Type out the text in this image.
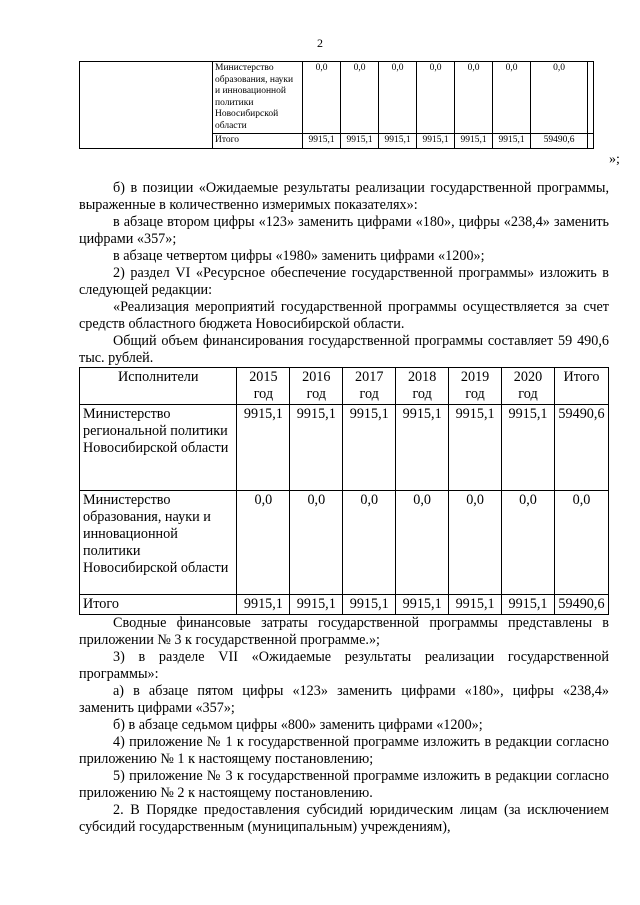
2
	Министерство образования, науки и инновационной политики Новосибирской области	0,0	0,0	0,0	0,0	0,0	0,0	0,0	
	Итого	9915,1	9915,1	9915,1	9915,1	9915,1	9915,1	59490,6	
»;
б) в позиции «Ожидаемые результаты реализации государственной программы, выраженные в количественно измеримых показателях»:
в абзаце втором цифры «123» заменить цифрами «180», цифры «238,4» заменить цифрами «357»;
в абзаце четвертом цифры «1980» заменить цифрами «1200»;
2) раздел VI «Ресурсное обеспечение государственной программы» изложить в следующей редакции:
«Реализация мероприятий государственной программы осуществляется за счет средств областного бюджета Новосибирской области.
Общий объем финансирования государственной программы составляет 59 490,6 тыс. рублей.
Исполнители	2015 год	2016 год	2017 год	2018 год	2019 год	2020 год	Итого
Министерство региональной политики Новосибирской области	9915,1	9915,1	9915,1	9915,1	9915,1	9915,1	59490,6
Министерство образования, науки и инновационной политики Новосибирской области	0,0	0,0	0,0	0,0	0,0	0,0	0,0
Итого	9915,1	9915,1	9915,1	9915,1	9915,1	9915,1	59490,6
Сводные финансовые затраты государственной программы представлены в приложении № 3 к государственной программе.»;
3) в разделе VII «Ожидаемые результаты реализации государственной программы»:
а) в абзаце пятом цифры «123» заменить цифрами «180», цифры «238,4» заменить цифрами «357»;
б) в абзаце седьмом цифры «800» заменить цифрами «1200»;
4) приложение № 1 к государственной программе изложить в редакции согласно приложению № 1 к настоящему постановлению;
5) приложение № 3 к государственной программе изложить в редакции согласно приложению № 2 к настоящему постановлению.
2. В Порядке предоставления субсидий юридическим лицам (за исключением субсидий государственным (муниципальным) учреждениям),
